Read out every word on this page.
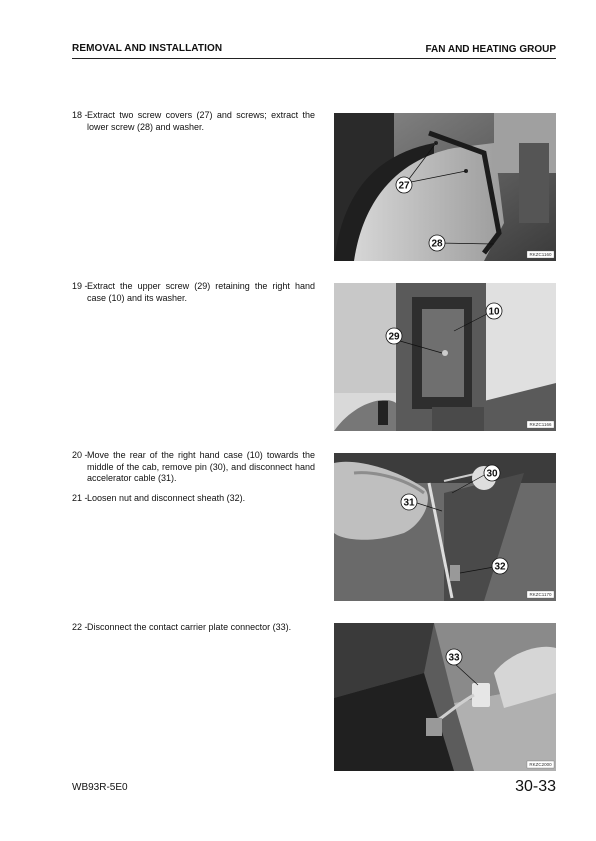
REMOVAL AND INSTALLATION	FAN AND HEATING GROUP
18 - Extract two screw covers (27) and screws; extract the lower screw (28) and washer.
19 - Extract the upper screw (29) retaining the right hand case (10) and its washer.
20 - Move the rear of the right hand case (10) towards the middle of the cab, remove pin (30), and disconnect hand accelerator cable (31).
21 - Loosen nut and disconnect sheath (32).
22 - Disconnect the contact carrier plate connector (33).
27
28
RKZC1160
10
29
RKZC1166
30
31
32
RKZC1170
33
RKZC2000
WB93R-5E0	30-33
